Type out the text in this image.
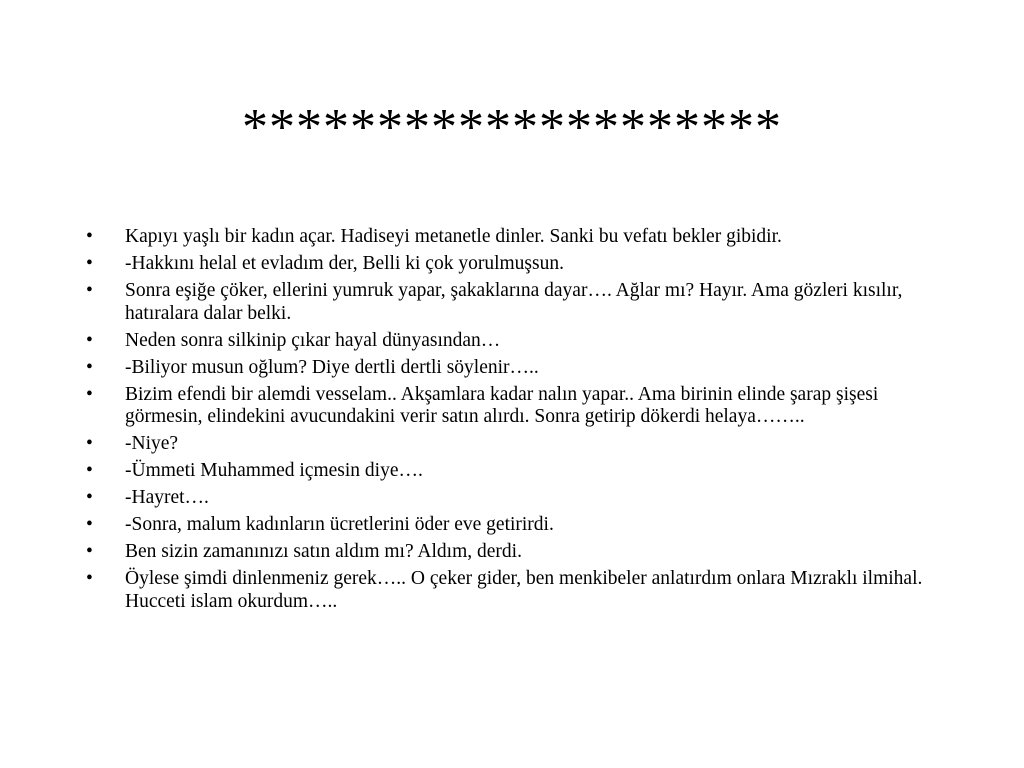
********************
• Kapıyı yaşlı bir kadın açar. Hadiseyi metanetle dinler. Sanki bu vefatı bekler gibidir.
• -Hakkını helal et evladım der, Belli ki çok yorulmuşsun.
• Sonra eşiğe çöker, ellerini yumruk yapar, şakaklarına dayar…. Ağlar mı? Hayır. Ama gözleri kısılır, hatıralara dalar belki.
• Neden sonra silkinip çıkar hayal dünyasından…
• -Biliyor musun oğlum? Diye dertli dertli söylenir…..
• Bizim efendi bir alemdi vesselam.. Akşamlara kadar nalın yapar.. Ama birinin elinde şarap şişesi görmesin, elindekini avucundakini verir satın alırdı. Sonra getirip dökerdi helaya……..
• -Niye?
• -Ümmeti Muhammed içmesin diye….
• -Hayret….
• -Sonra, malum kadınların ücretlerini öder eve getirirdi.
• Ben sizin zamanınızı satın aldım mı? Aldım, derdi.
• Öylese şimdi dinlenmeniz gerek….. O çeker gider, ben menkibeler anlatırdım onlara Mızraklı ilmihal. Hucceti islam okurdum…..
